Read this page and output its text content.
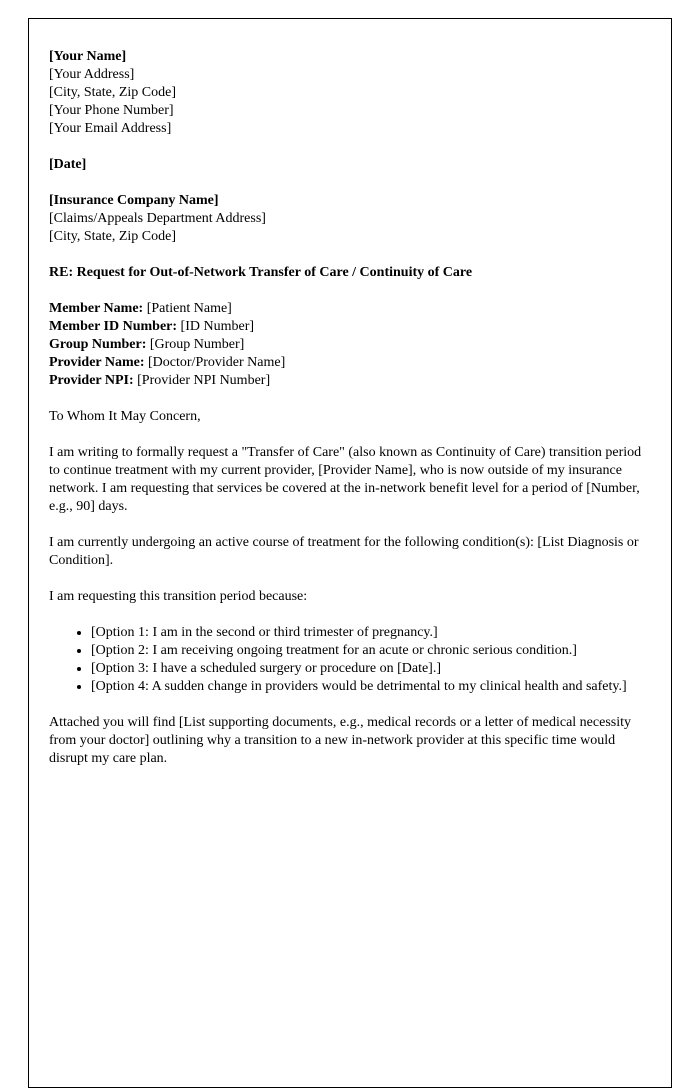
[Your Name]
[Your Address]
[City, State, Zip Code]
[Your Phone Number]
[Your Email Address]
[Date]
[Insurance Company Name]
[Claims/Appeals Department Address]
[City, State, Zip Code]
RE: Request for Out-of-Network Transfer of Care / Continuity of Care
Member Name: [Patient Name]
Member ID Number: [ID Number]
Group Number: [Group Number]
Provider Name: [Doctor/Provider Name]
Provider NPI: [Provider NPI Number]

To Whom It May Concern,

I am writing to formally request a "Transfer of Care" (also known as Continuity of Care) transition period to continue treatment with my current provider, [Provider Name], who is now outside of my insurance network. I am requesting that services be covered at the in-network benefit level for a period of [Number, e.g., 90] days.

I am currently undergoing an active course of treatment for the following condition(s): [List Diagnosis or Condition].

I am requesting this transition period because:

• [Option 1: I am in the second or third trimester of pregnancy.]
• [Option 2: I am receiving ongoing treatment for an acute or chronic serious condition.]
• [Option 3: I have a scheduled surgery or procedure on [Date].]
• [Option 4: A sudden change in providers would be detrimental to my clinical health and safety.]

Attached you will find [List supporting documents, e.g., medical records or a letter of medical necessity from your doctor] outlining why a transition to a new in-network provider at this specific time would disrupt my care plan.
